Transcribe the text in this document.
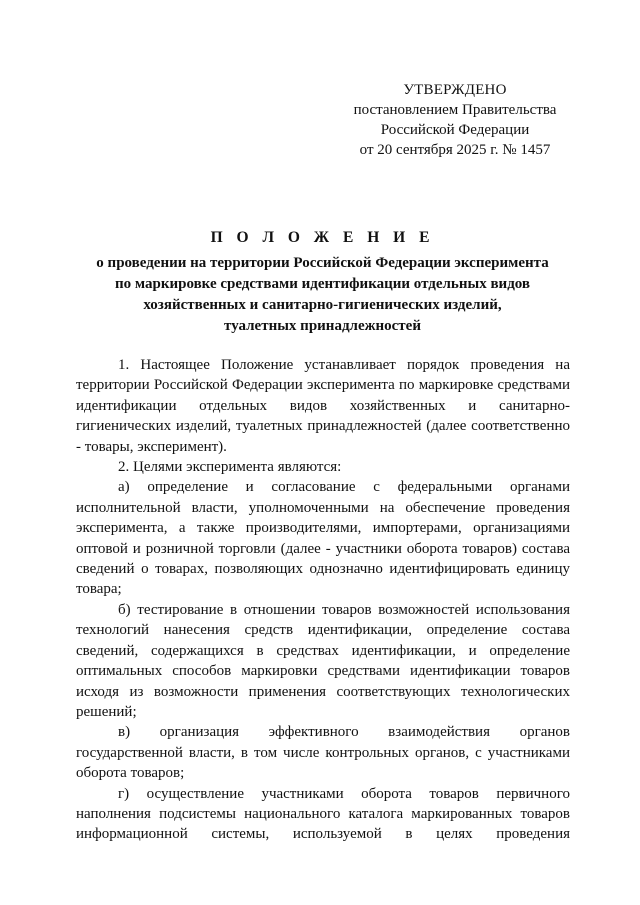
УТВЕРЖДЕНО
постановлением Правительства
Российской Федерации
от 20 сентября 2025 г. № 1457
П О Л О Ж Е Н И Е
о проведении на территории Российской Федерации эксперимента
по маркировке средствами идентификации отдельных видов
хозяйственных и санитарно-гигиенических изделий,
туалетных принадлежностей

1. Настоящее Положение устанавливает порядок проведения на территории Российской Федерации эксперимента по маркировке средствами идентификации отдельных видов хозяйственных и санитарно-гигиенических изделий, туалетных принадлежностей (далее соответственно - товары, эксперимент).

2. Целями эксперимента являются:

а) определение и согласование с федеральными органами исполнительной власти, уполномоченными на обеспечение проведения эксперимента, а также производителями, импортерами, организациями оптовой и розничной торговли (далее - участники оборота товаров) состава сведений о товарах, позволяющих однозначно идентифицировать единицу товара;

б) тестирование в отношении товаров возможностей использования технологий нанесения средств идентификации, определение состава сведений, содержащихся в средствах идентификации, и определение оптимальных способов маркировки средствами идентификации товаров исходя из возможности применения соответствующих технологических решений;

в) организация эффективного взаимодействия органов государственной власти, в том числе контрольных органов, с участниками оборота товаров;

г) осуществление участниками оборота товаров первичного наполнения подсистемы национального каталога маркированных товаров информационной системы, используемой в целях проведения
